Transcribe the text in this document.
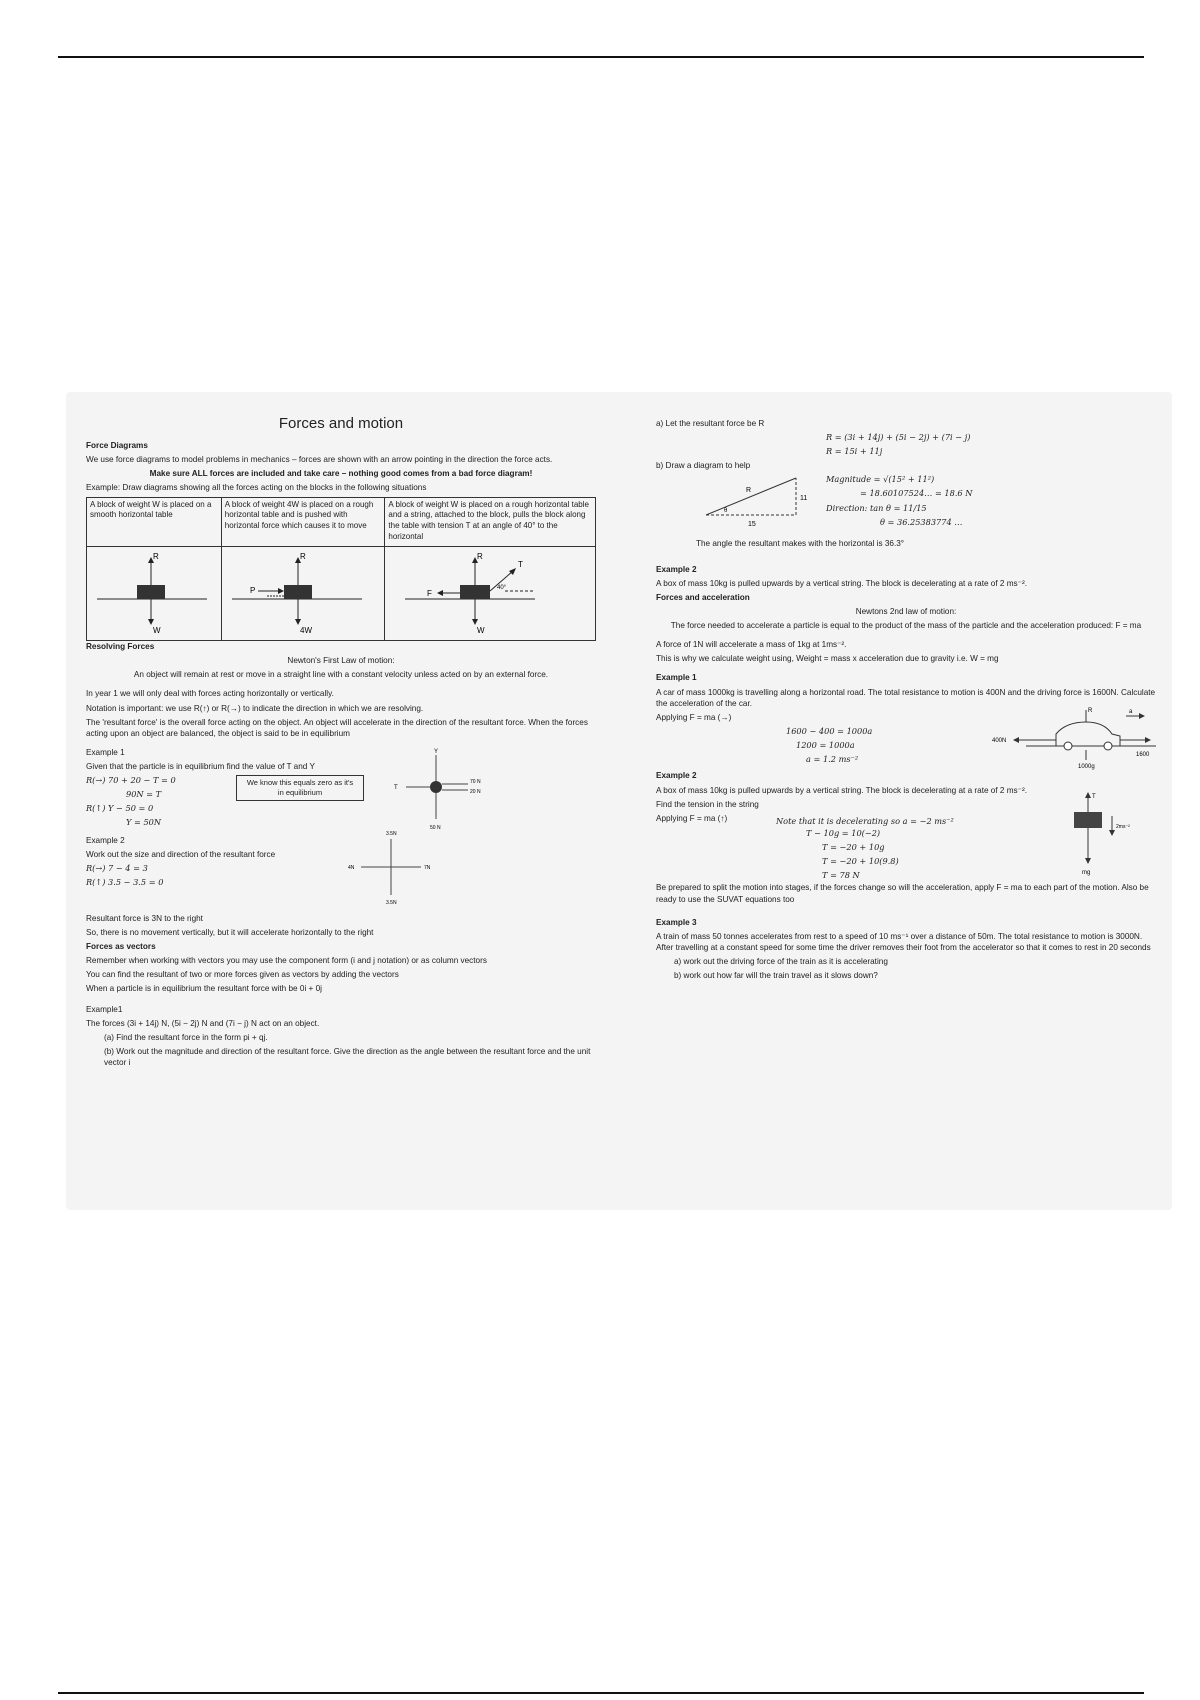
Forces and motion

Force Diagrams

We use force diagrams to model problems in mechanics – forces are shown with an arrow pointing in the direction the force acts.

Make sure ALL forces are included and take care – nothing good comes from a bad force diagram!

Example: Draw diagrams showing all the forces acting on the blocks in the following situations

A block of weight W is placed on a smooth horizontal table	A block of weight 4W is placed on a rough horizontal table and is pushed with horizontal force which causes it to move	A block of weight W is placed on a rough horizontal table and a string, attached to the block, pulls the block along the table with tension T at an angle of 40° to the horizontal

R
W	R
4W
P	R
W
T
F
40°

Resolving Forces

Newton's First Law of motion:

An object will remain at rest or move in a straight line with a constant velocity unless acted on by an external force.

In year 1 we will only deal with forces acting horizontally or vertically.

Notation is important: we use R(↑) or R(→) to indicate the direction in which we are resolving.

The 'resultant force' is the overall force acting on the object. An object will accelerate in the direction of the resultant force. When the forces acting upon an object are balanced, the object is said to be in equilibrium

Example 1

Given that the particle is in equilibrium find the value of T and Y

R(→) 70 + 20 − T = 0

90N = T

R(↑) Y − 50 = 0

Y = 50N

We know this equals zero as it's in equilibrium
Y
T
70 N
20 N
50 N

Example 2

Work out the size and direction of the resultant force

R(→) 7 − 4 = 3

R(↑) 3.5 − 3.5 = 0

3.5N
3.5N
4N	7N

Resultant force is 3N to the right

So, there is no movement vertically, but it will accelerate horizontally to the right

Forces as vectors

Remember when working with vectors you may use the component form (i and j notation) or as column vectors

You can find the resultant of two or more forces given as vectors by adding the vectors

When a particle is in equilibrium the resultant force with be 0i + 0j

Example1

The forces (3i + 14j) N, (5i − 2j) N and (7i − j) N act on an object.

(a) Find the resultant force in the form pi + qj.

(b) Work out the magnitude and direction of the resultant force. Give the direction as the angle between the resultant force and the unit vector i

a) Let the resultant force be R

R = (3i + 14j) + (5i − 2j) + (7i − j)

R = 15i + 11j

b) Draw a diagram to help

R
11
15
θ

Magnitude = √(15² + 11²)

= 18.60107524… = 18.6 N

Direction: tan θ = 11/15

θ = 36.25383774 …

The angle the resultant makes with the horizontal is 36.3°

Example 2

A box of mass 10kg is pulled upwards by a vertical string. The block is decelerating at a rate of 2 ms⁻².

Forces and acceleration

Newtons 2nd law of motion:

The force needed to accelerate a particle is equal to the product of the mass of the particle and the acceleration produced: F = ma

A force of 1N will accelerate a mass of 1kg at 1ms⁻².

This is why we calculate weight using, Weight = mass x acceleration due to gravity i.e. W = mg

Example 1

A car of mass 1000kg is travelling along a horizontal road. The total resistance to motion is 400N and the driving force is 1600N. Calculate the acceleration of the car.

Applying F = ma (→)

1600 − 400 = 1000a

1200 = 1000a

a = 1.2 ms⁻²

400N
1600
1000g
R	a

Example 2

A box of mass 10kg is pulled upwards by a vertical string. The block is decelerating at a rate of 2 ms⁻².

Find the tension in the string

Applying F = ma (↑)	Note that it is decelerating so a = −2 ms⁻²

T − 10g = 10(−2)

T = −20 + 10g

T = −20 + 10(9.8)

T = 78 N

T
mg
2ms⁻²

Be prepared to split the motion into stages, if the forces change so will the acceleration, apply F = ma to each part of the motion. Also be ready to use the SUVAT equations too

Example 3

A train of mass 50 tonnes accelerates from rest to a speed of 10 ms⁻¹ over a distance of 50m. The total resistance to motion is 3000N. After travelling at a constant speed for some time the driver removes their foot from the accelerator so that it comes to rest in 20 seconds

a) work out the driving force of the train as it is accelerating

b) work out how far will the train travel as it slows down?
